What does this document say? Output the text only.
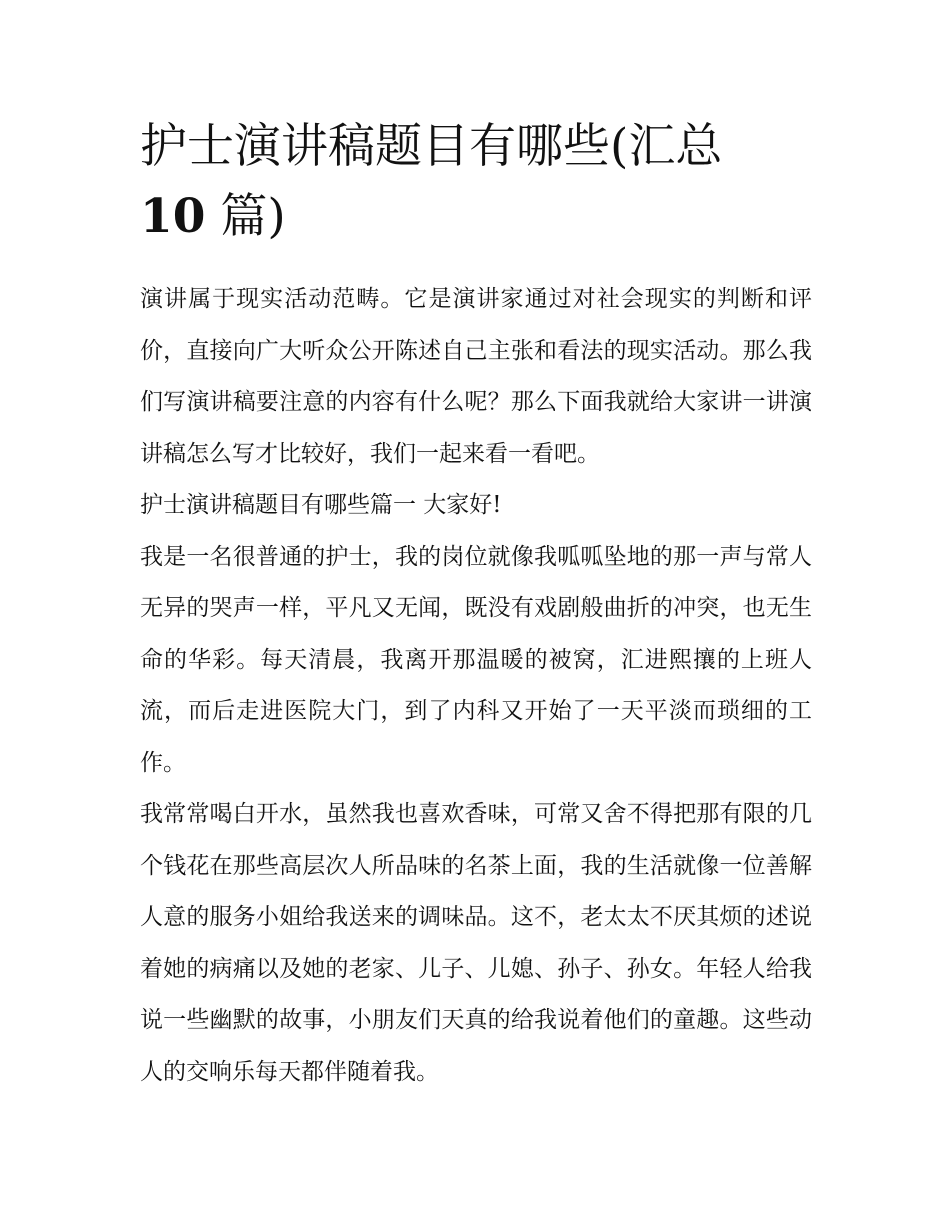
护士演讲稿题目有哪些(汇总
10 篇)

演讲属于现实活动范畴。它是演讲家通过对社会现实的判断和评价，直接向广大听众公开陈述自己主张和看法的现实活动。那么我们写演讲稿要注意的内容有什么呢？那么下面我就给大家讲一讲演讲稿怎么写才比较好，我们一起来看一看吧。

护士演讲稿题目有哪些篇一 大家好!

我是一名很普通的护士，我的岗位就像我呱呱坠地的那一声与常人无异的哭声一样，平凡又无闻，既没有戏剧般曲折的冲突，也无生命的华彩。每天清晨，我离开那温暖的被窝，汇进熙攘的上班人流，而后走进医院大门，到了内科又开始了一天平淡而琐细的工作。

我常常喝白开水，虽然我也喜欢香味，可常又舍不得把那有限的几个钱花在那些高层次人所品味的名茶上面，我的生活就像一位善解人意的服务小姐给我送来的调味品。这不，老太太不厌其烦的述说着她的病痛以及她的老家、儿子、儿媳、孙子、孙女。年轻人给我说一些幽默的故事，小朋友们天真的给我说着他们的童趣。这些动人的交响乐每天都伴随着我。
